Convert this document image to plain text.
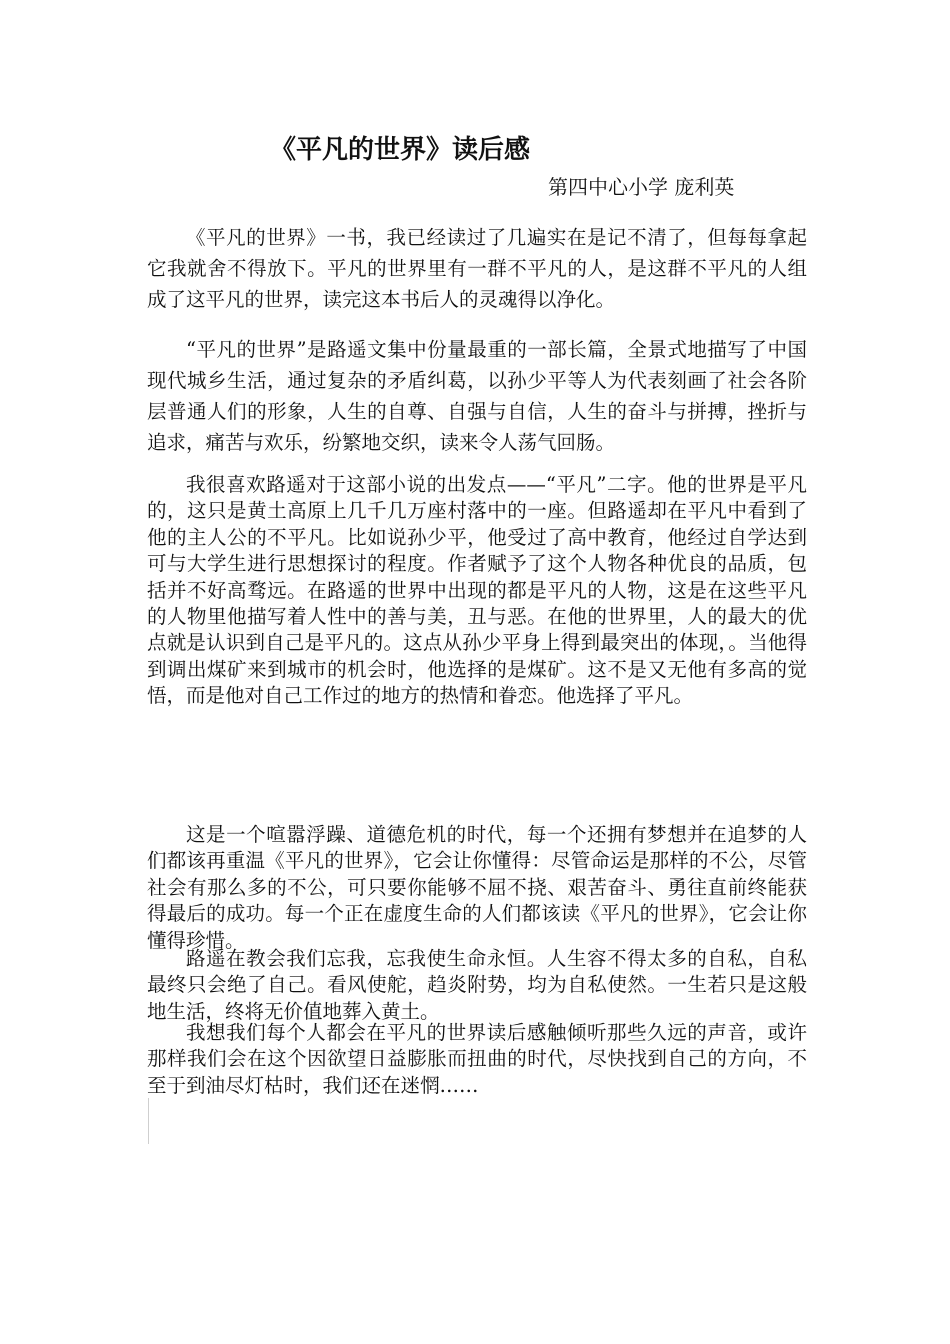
《平凡的世界》读后感
第四中心小学 庞利英

《平凡的世界》一书，我已经读过了几遍实在是记不清了，但每每拿起它我就舍不得放下。平凡的世界里有一群不平凡的人，是这群不平凡的人组成了这平凡的世界，读完这本书后人的灵魂得以净化。

“平凡的世界”是路遥文集中份量最重的一部长篇，全景式地描写了中国现代城乡生活，通过复杂的矛盾纠葛，以孙少平等人为代表刻画了社会各阶层普通人们的形象，人生的自尊、自强与自信，人生的奋斗与拼搏，挫折与追求，痛苦与欢乐，纷繁地交织，读来令人荡气回肠。

我很喜欢路遥对于这部小说的出发点——“平凡”二字。他的世界是平凡的，这只是黄土高原上几千几万座村落中的一座。但路遥却在平凡中看到了他的主人公的不平凡。比如说孙少平，他受过了高中教育，他经过自学达到可与大学生进行思想探讨的程度。作者赋予了这个人物各种优良的品质，包括并不好高骛远。在路遥的世界中出现的都是平凡的人物，这是在这些平凡的人物里他描写着人性中的善与美，丑与恶。在他的世界里，人的最大的优点就是认识到自己是平凡的。这点从孙少平身上得到最突出的体现，。当他得到调出煤矿来到城市的机会时，他选择的是煤矿。这不是又无他有多高的觉悟，而是他对自己工作过的地方的热情和眷恋。他选择了平凡。

这是一个喧嚣浮躁、道德危机的时代，每一个还拥有梦想并在追梦的人们都该再重温《平凡的世界》，它会让你懂得：尽管命运是那样的不公，尽管社会有那么多的不公，可只要你能够不屈不挠、艰苦奋斗、勇往直前终能获得最后的成功。每一个正在虚度生命的人们都该读《平凡的世界》，它会让你懂得珍惜。

路遥在教会我们忘我，忘我使生命永恒。人生容不得太多的自私，自私最终只会绝了自己。看风使舵，趋炎附势，均为自私使然。一生若只是这般地生活，终将无价值地葬入黄土。

我想我们每个人都会在平凡的世界读后感触倾听那些久远的声音，或许那样我们会在这个因欲望日益膨胀而扭曲的时代，尽快找到自己的方向，不至于到油尽灯枯时，我们还在迷惘……
